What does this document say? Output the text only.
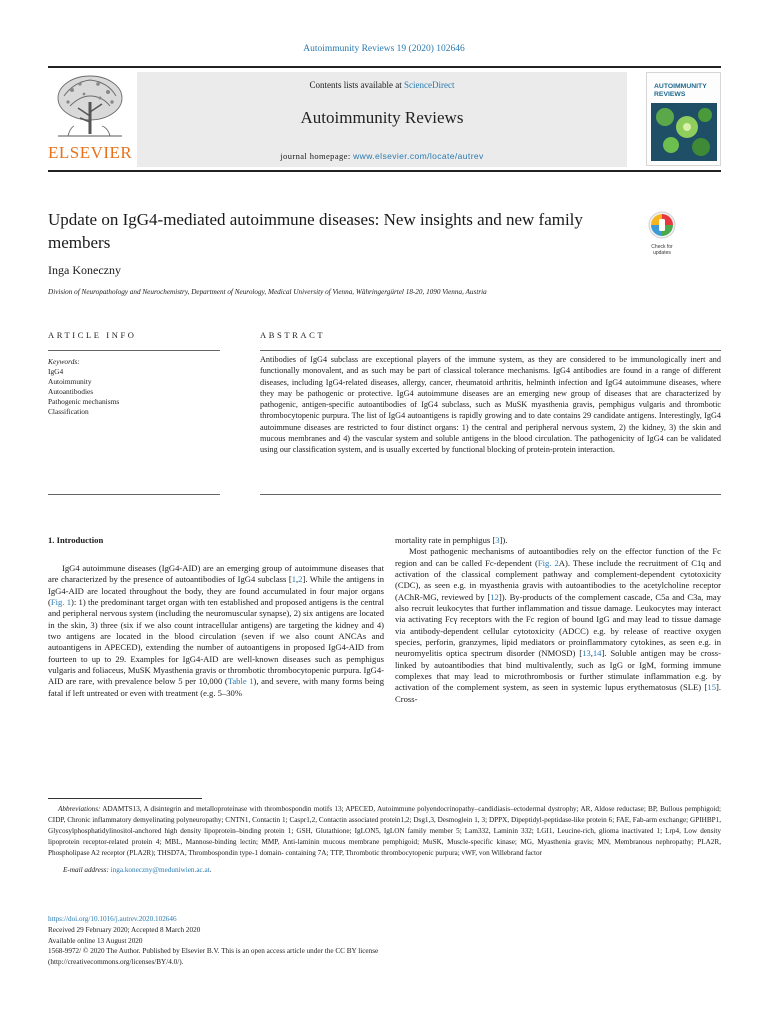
Autoimmunity Reviews 19 (2020) 102646
ELSEVIER
Contents lists available at ScienceDirect
Autoimmunity Reviews
journal homepage: www.elsevier.com/locate/autrev
AUTOIMMUNITY REVIEWS
Update on IgG4-mediated autoimmune diseases: New insights and new family members	Check for updates
Inga Koneczny
Division of Neuropathology and Neurochemistry, Department of Neurology, Medical University of Vienna, Währingergürtel 18-20, 1090 Vienna, Austria
ARTICLE INFO	ABSTRACT
Keywords:
IgG4
Autoimmunity
Autoantibodies
Pathogenic mechanisms
Classification
Antibodies of IgG4 subclass are exceptional players of the immune system, as they are considered to be immunologically inert and functionally monovalent, and as such may be part of classical tolerance mechanisms. IgG4 antibodies are found in a range of different diseases, including IgG4-related diseases, allergy, cancer, rheumatoid arthritis, helminth infection and IgG4 autoimmune diseases, where they may be pathogenic or protective. IgG4 autoimmune diseases are an emerging new group of diseases that are characterized by pathogenic, antigen-specific autoantibodies of IgG4 subclass, such as MuSK myasthenia gravis, pemphigus vulgaris and thrombotic thrombocytopenic purpura. The list of IgG4 autoantigens is rapidly growing and to date contains 29 candidate antigens. Interestingly, IgG4 autoimmune diseases are restricted to four distinct organs: 1) the central and peripheral nervous system, 2) the kidney, 3) the skin and mucous membranes and 4) the vascular system and soluble antigens in the blood circulation. The pathogenicity of IgG4 can be validated using our classification system, and is usually excerted by functional blocking of protein-protein interaction.
1. Introduction

IgG4 autoimmune diseases (IgG4-AID) are an emerging group of autoimmune diseases that are characterized by the presence of autoantibodies of IgG4 subclass [1,2]. While the antigens in IgG4-AID are located throughout the body, they are found accumulated in four major organs (Fig. 1): 1) the predominant target organ with ten established and proposed antigens is the central and peripheral nervous system (including the neuromuscular synapse), 2) six antigens are located in the skin, 3) three (six if we also count intracellular antigens) are targeting the kidney and 4) two antigens are located in the blood circulation (seven if we also count ANCAs and autoantigens in APECED), extending the number of autoantigens in proposed IgG4-AID from fourteen to up to 29. Examples for IgG4-AID are well-known diseases such as pemphigus vulgaris and foliaceus, MuSK Myasthenia gravis or thrombotic thrombocytopenic purpura. IgG4-AID are rare, with prevalence below 5 per 10,000 (Table 1), and severe, with many forms being fatal if left untreated or even with treatment (e.g. 5–30%

mortality rate in pemphigus [3]).

Most pathogenic mechanisms of autoantibodies rely on the effector function of the Fc region and can be called Fc-dependent (Fig. 2A). These include the recruitment of C1q and activation of the classical complement pathway and complement-dependent cytotoxicity (CDC), as seen e.g. in myasthenia gravis with autoantibodies to the acetylcholine receptor (AChR-MG, reviewed by [12]). By-products of the complement cascade, C5a and C3a, may also recruit leukocytes that further inflammation and tissue damage. Leukocytes may interact via activating Fcγ receptors with the Fc region of bound IgG and may lead to tissue damage via antibody-dependent cellular cytotoxicity (ADCC) e.g. by release of reactive oxygen species, perforin, granzymes, lipid mediators or proinflammatory cytokines, as seen e.g. in neuromyelitis optica spectrum disorder (NMOSD) [13,14]. Soluble antigen may be cross-linked by autoantibodies that bind multivalently, such as IgG or IgM, forming immune complexes that may lead to microthrombosis or further stimulate inflammation e.g. by activation of the complement system, as seen in systemic lupus erythematosus (SLE) [15]. Cross-

Abbreviations: ADAMTS13, A disintegrin and metalloproteinase with thrombospondin motifs 13; APECED, Autoimmune polyendocrinopathy–candidiasis–ectodermal dystrophy; AR, Aldose reductase; BP, Bullous pemphigoid; CIDP, Chronic inflammatory demyelinating polyneuropathy; CNTN1, Contactin 1; Caspr1,2, Contactin associated protein1,2; Dsg1,3, Desmoglein 1, 3; DPPX, Dipeptidyl-peptidase-like protein 6; FAE, Fab-arm exchange; GPIHBP1, Glycosylphosphatidylinositol-anchored high density lipoprotein–binding protein 1; GSH, Glutathione; IgLON5, IgLON family member 5; Lam332, Laminin 332; LGI1, Leucine-rich, glioma inactivated 1; Lrp4, Low density lipoprotein receptor-related protein 4; MBL, Mannose-binding lectin; MMP, Anti-laminin mucous membrane pemphigoid; MuSK, Muscle-specific kinase; MG, Myasthenia gravis; MN, Membranous nephropathy; PLA2R, Phospholipase A2 receptor (PLA2R); THSD7A, Thrombospondin type-1 domain- containing 7A; TTP, Thrombotic thrombocytopenic purpura; vWF, von Willebrand factor
E-mail address: inga.koneczny@meduniwien.ac.at.
https://doi.org/10.1016/j.autrev.2020.102646
Received 29 February 2020; Accepted 8 March 2020
Available online 13 August 2020
1568-9972/ © 2020 The Author. Published by Elsevier B.V. This is an open access article under the CC BY license
(http://creativecommons.org/licenses/BY/4.0/).
